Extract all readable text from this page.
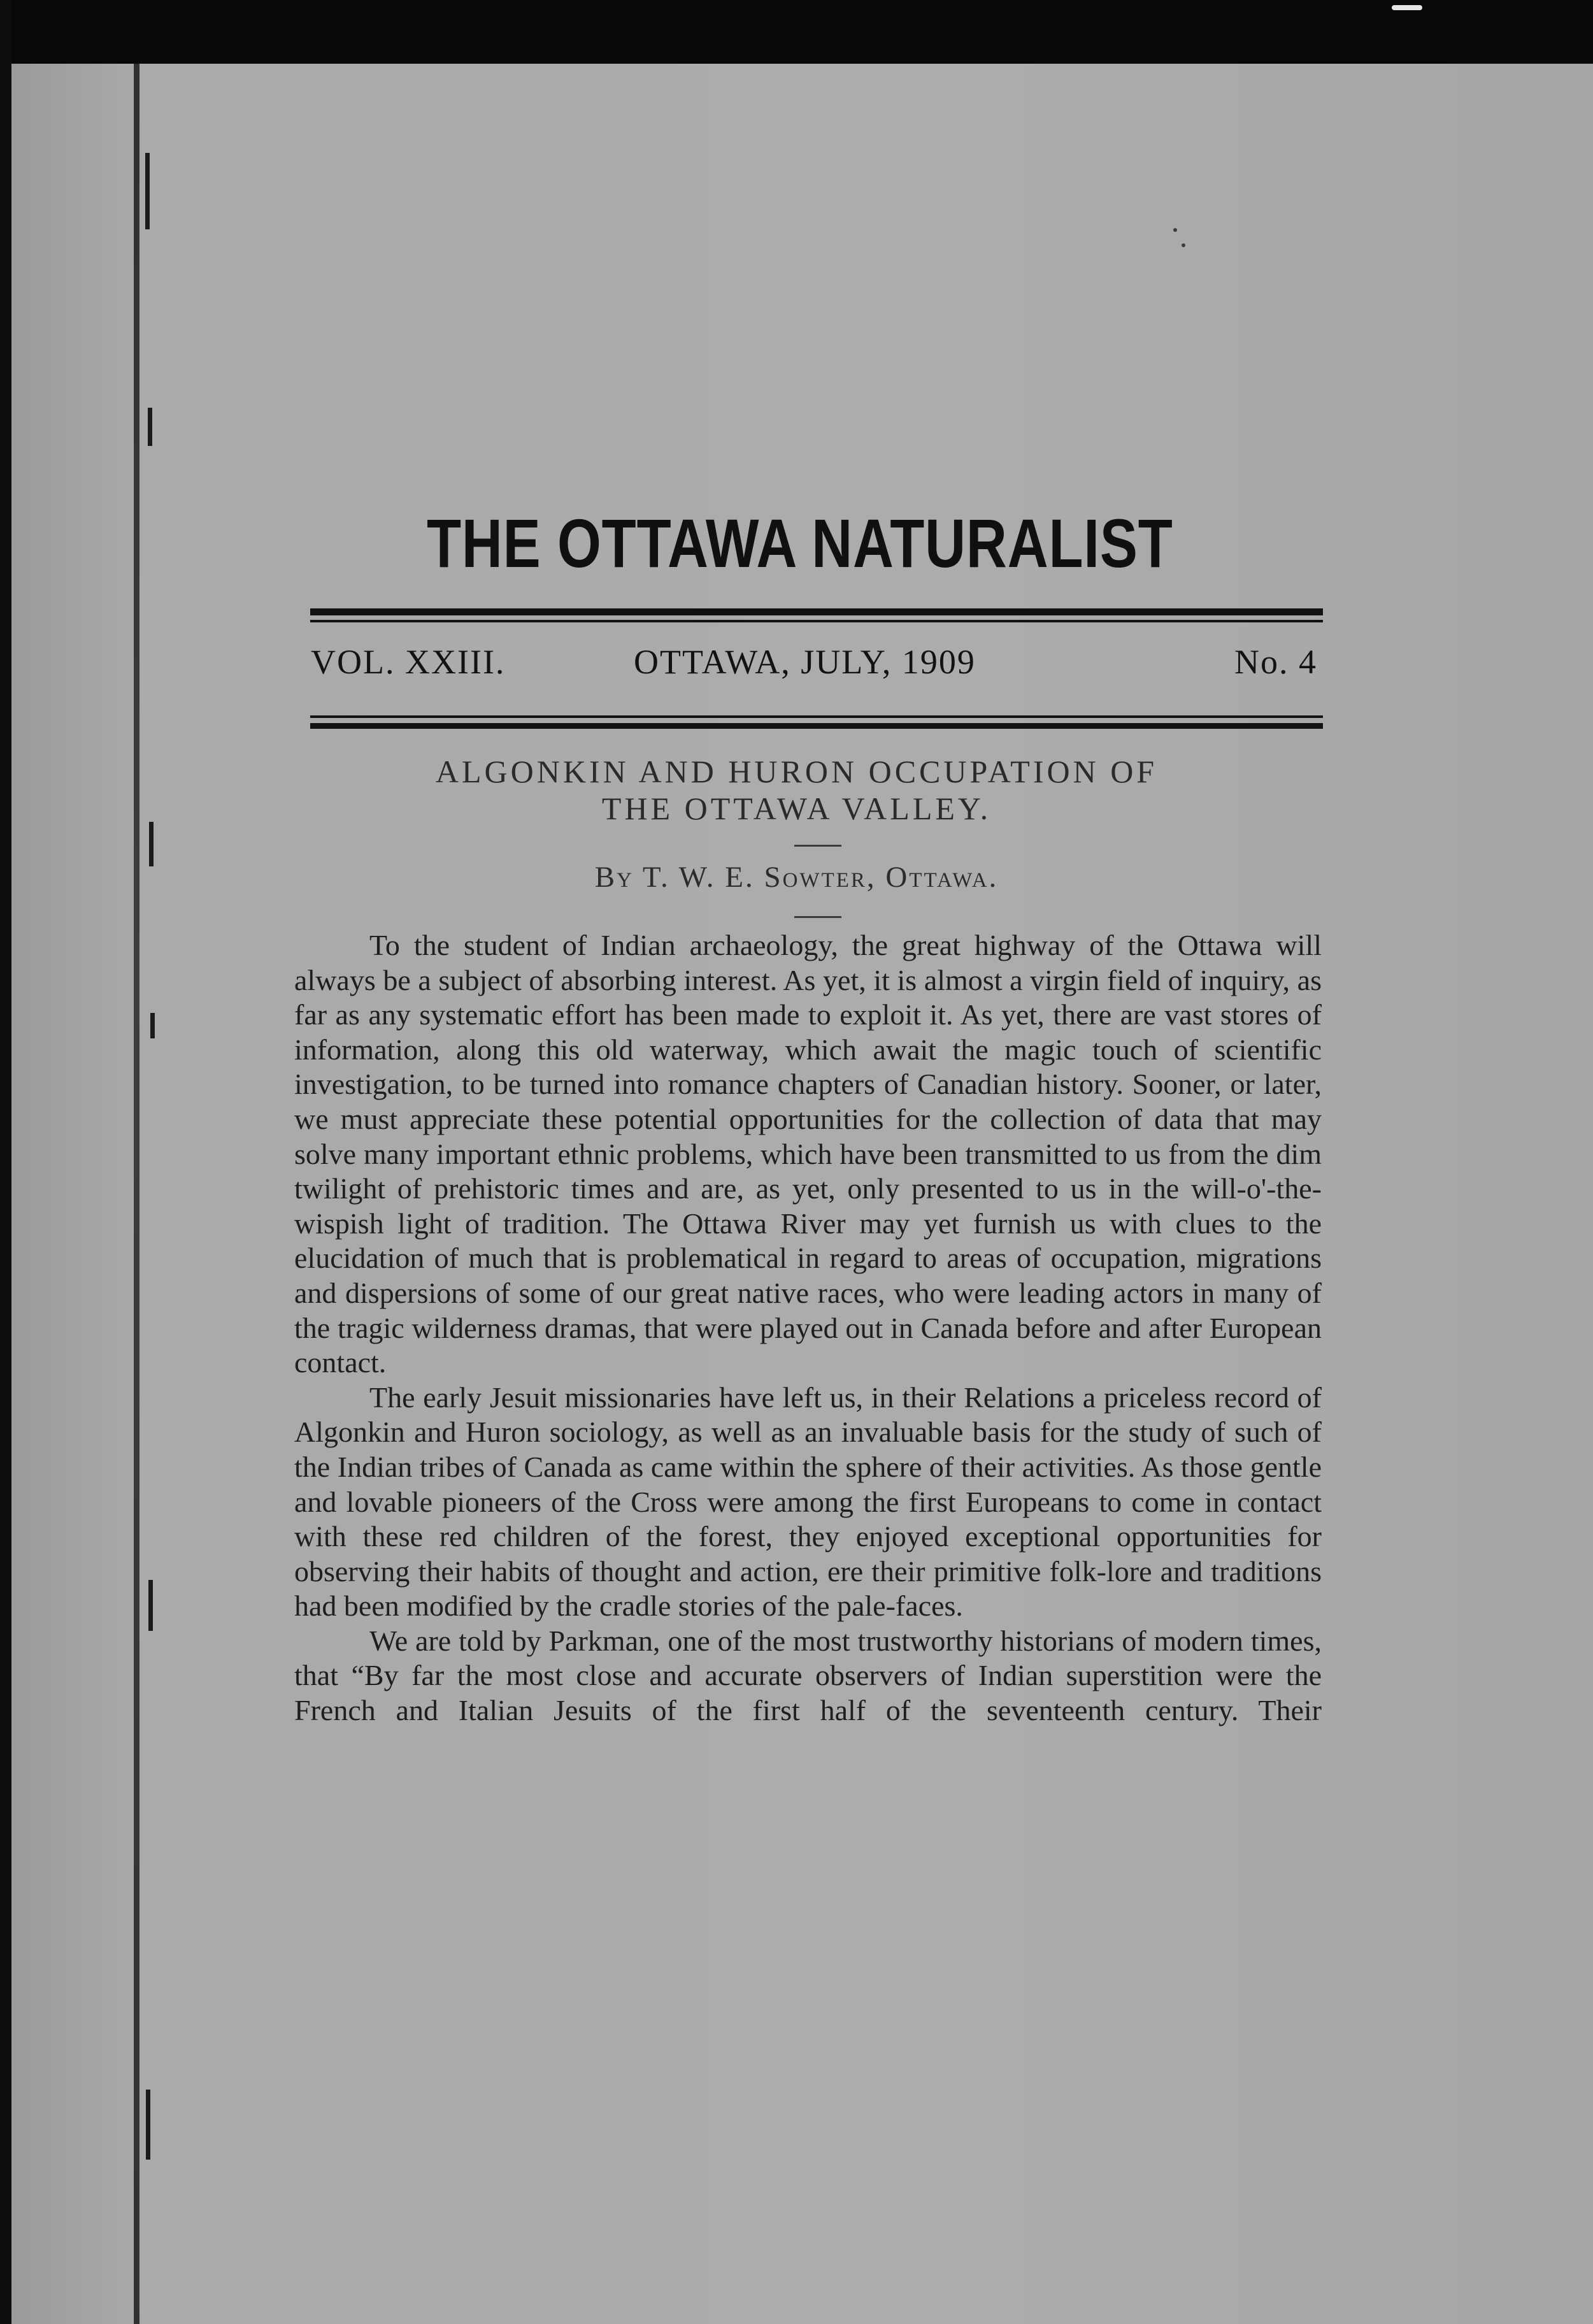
THE OTTAWA NATURALIST
VOL. XXIII.	OTTAWA, JULY, 1909	No. 4
ALGONKIN AND HURON OCCUPATION OF
THE OTTAWA VALLEY.
By T. W. E. Sowter, Ottawa.

To the student of Indian archaeology, the great highway of the Ottawa will always be a subject of absorbing interest. As yet, it is almost a virgin field of inquiry, as far as any systematic effort has been made to exploit it. As yet, there are vast stores of information, along this old waterway, which await the magic touch of scientific investigation, to be turned into romance chapters of Canadian history. Sooner, or later, we must appreciate these potential opportunities for the collection of data that may solve many important ethnic problems, which have been transmitted to us from the dim twilight of prehistoric times and are, as yet, only presented to us in the will-o'-the-wispish light of tradition. The Ottawa River may yet furnish us with clues to the elucidation of much that is problematical in regard to areas of occupation, migrations and dispersions of some of our great native races, who were leading actors in many of the tragic wilderness dramas, that were played out in Canada before and after European contact.

The early Jesuit missionaries have left us, in their Relations a priceless record of Algonkin and Huron sociology, as well as an invaluable basis for the study of such of the Indian tribes of Canada as came within the sphere of their activities. As those gentle and lovable pioneers of the Cross were among the first Europeans to come in contact with these red children of the forest, they enjoyed exceptional opportunities for observing their habits of thought and action, ere their primitive folk-lore and traditions had been modified by the cradle stories of the pale-faces.

We are told by Parkman, one of the most trustworthy historians of modern times, that “By far the most close and accurate observers of Indian superstition were the French and Italian Jesuits of the first half of the seventeenth century. Their
